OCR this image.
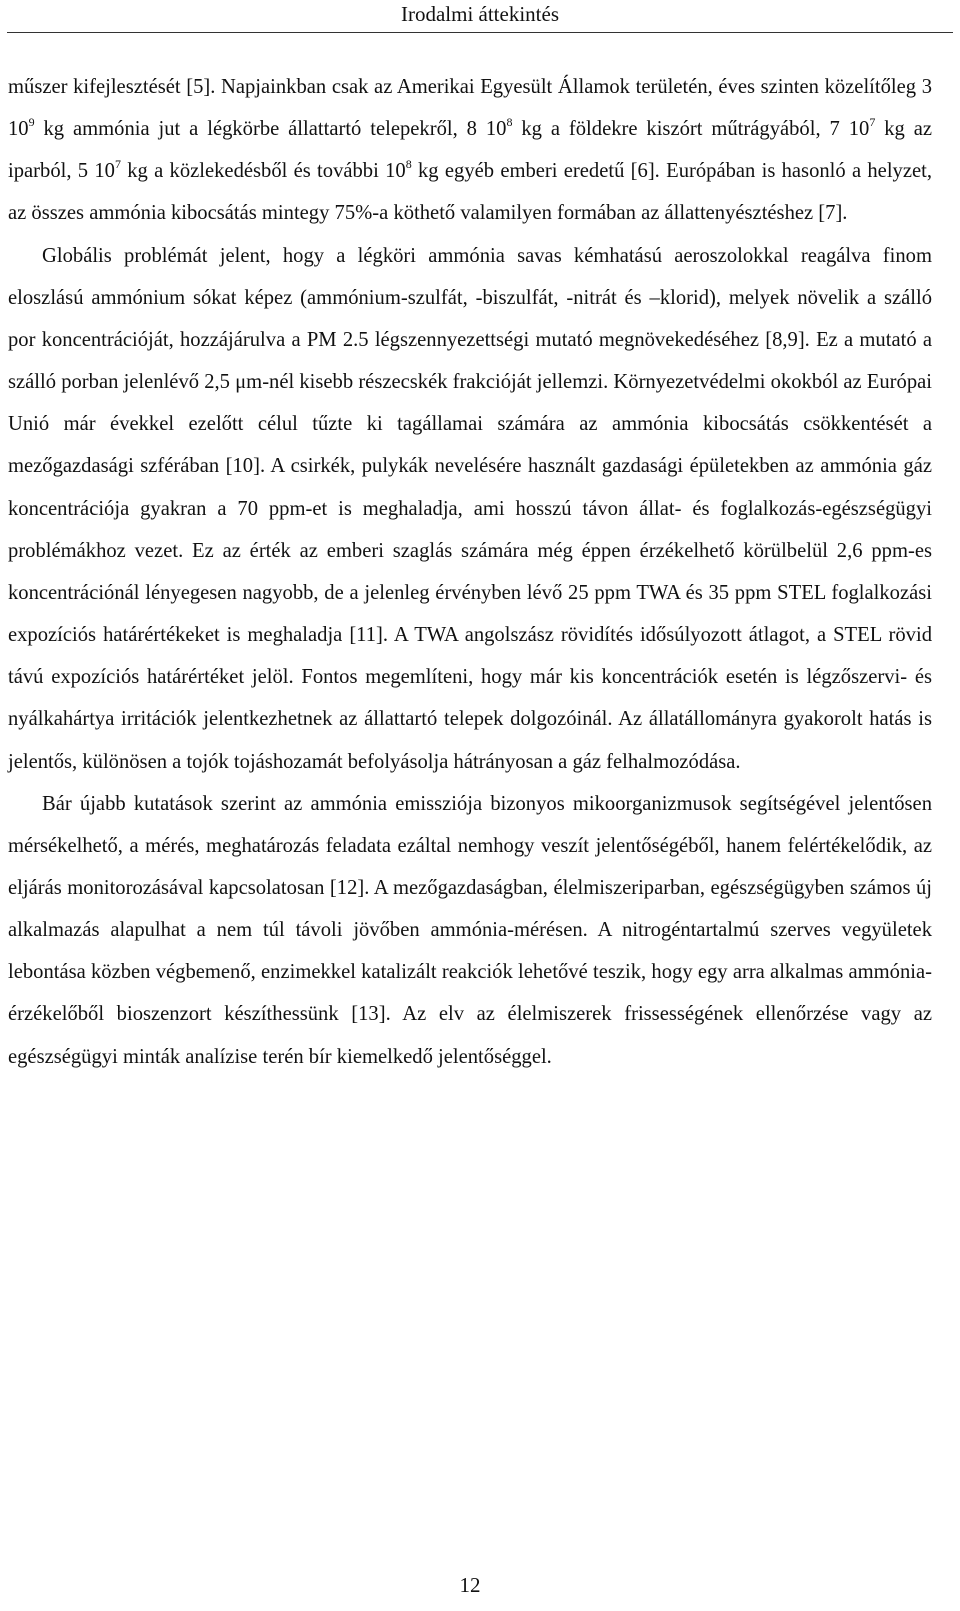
Irodalmi áttekintés

műszer kifejlesztését [5]. Napjainkban csak az Amerikai Egyesült Államok területén, éves szinten közelítőleg 3 $10^9$ kg ammónia jut a légkörbe állattartó telepekről, 8 $10^8$ kg a földekre kiszórt műtrágyából, 7 $10^7$ kg az iparból, 5 $10^7$ kg a közlekedésből és további $10^8$ kg egyéb emberi eredetű [6]. Európában is hasonló a helyzet, az összes ammónia kibocsátás mintegy 75%-a köthető valamilyen formában az állattenyésztéshez [7].

Globális problémát jelent, hogy a légköri ammónia savas kémhatású aeroszolokkal reagálva finom eloszlású ammónium sókat képez (ammónium-szulfát, -biszulfát, -nitrát és –klorid), melyek növelik a szálló por koncentrációját, hozzájárulva a PM 2.5 légszennyezettségi mutató megnövekedéséhez [8,9]. Ez a mutató a szálló porban jelenlévő 2,5 μm-nél kisebb részecskék frakcióját jellemzi. Környezetvédelmi okokból az Európai Unió már évekkel ezelőtt célul tűzte ki tagállamai számára az ammónia kibocsátás csökkentését a mezőgazdasági szférában [10]. A csirkék, pulykák nevelésére használt gazdasági épületekben az ammónia gáz koncentrációja gyakran a 70 ppm-et is meghaladja, ami hosszú távon állat- és foglalkozás-egészségügyi problémákhoz vezet. Ez az érték az emberi szaglás számára még éppen érzékelhető körülbelül 2,6 ppm-es koncentrációnál lényegesen nagyobb, de a jelenleg érvényben lévő 25 ppm TWA és 35 ppm STEL foglalkozási expozíciós határértékeket is meghaladja [11]. A TWA angolszász rövidítés idősúlyozott átlagot, a STEL rövid távú expozíciós határértéket jelöl. Fontos megemlíteni, hogy már kis koncentrációk esetén is légzőszervi- és nyálkahártya irritációk jelentkezhetnek az állattartó telepek dolgozóinál. Az állatállományra gyakorolt hatás is jelentős, különösen a tojók tojáshozamát befolyásolja hátrányosan a gáz felhalmozódása.

Bár újabb kutatások szerint az ammónia emissziója bizonyos mikoorganizmusok segítségével jelentősen mérsékelhető, a mérés, meghatározás feladata ezáltal nemhogy veszít jelentőségéből, hanem felértékelődik, az eljárás monitorozásával kapcsolatosan [12]. A mezőgazdaságban, élelmiszeriparban, egészségügyben számos új alkalmazás alapulhat a nem túl távoli jövőben ammónia-mérésen. A nitrogéntartalmú szerves vegyületek lebontása közben végbemenő, enzimekkel katalizált reakciók lehetővé teszik, hogy egy arra alkalmas ammónia-érzékelőből bioszenzort készíthessünk [13]. Az elv az élelmiszerek frissességének ellenőrzése vagy az egészségügyi minták analízise terén bír kiemelkedő jelentőséggel.

12
